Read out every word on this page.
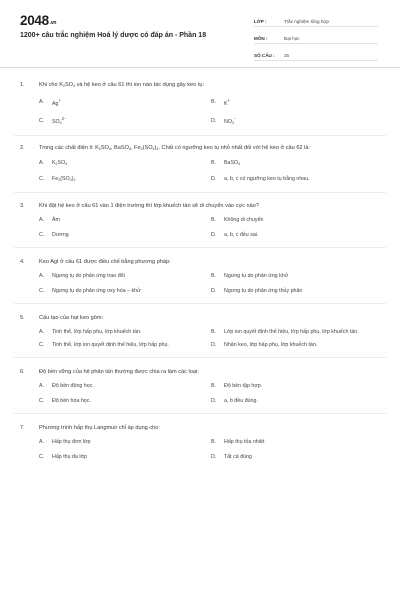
2048.vn
1200+ câu trắc nghiệm Hoá lý dược có đáp án - Phần 18
LỚP :	Trắc nghiệm tổng hợp
MÔN :	Đại học
SỐ CÂU :	25
1.	Khi cho $K_2SO_4$ và hệ keo ở câu 61 thì ion nào tác dụng gây keo tụ:
A.	Ag+	B.	K+
C.	$SO_4^{2-}$	D.	$NO_3^-$
2.	Trong các chất điện li: $K_2SO_4$, BaSO$_4$, $Fe_2(SO_4)_3$. Chất có ngưỡng keo tụ nhỏ nhất đối với hệ keo ở câu 62 là:
A.	$K_2SO_4$	B.	BaSO$_4$
C.	$Fe_2(SO_4)_3$	D.	a, b, c có ngưỡng keo tụ bằng nhau.
3.	Khi đặt hệ keo ở câu 61 vào 1 điện trường thì lớp khuếch tán sẽ di chuyển vào cực nào?
A.	Âm	B.	Không di chuyển
C.	Dương	D.	a, b, c đều sai.
4.	Keo AgI ở câu 61 được điều chế bằng phương pháp:
A.	Ngưng tụ do phản ứng trao đổi	B.	Ngưng tụ do phản ứng khử
C.	Ngưng tụ do phản ứng oxy hóa – khử	D.	Ngưng tụ do phản ứng thủy phân
5.	Cấu tạo của hạt keo gồm:
A.	Tinh thể, lớp hấp phụ, lớp khuếch tán.	B.	Lớp ion quyết định thế hiệu, lớp hấp phụ, lớp khuếch tán.
C.	Tinh thể, lớp ion quyết định thế hiệu, lớp hấp phụ.	D.	Nhân keo, lớp hấp phụ, lớp khuếch tán.
6.	Độ bền vững của hệ phân tán thường được chia ra làm các loại:
A.	Độ bền động học.	B.	Độ bền tập hợp.
C.	Độ bền hóa học.	D.	a, b đều đúng.
7.	Phương trình hấp thụ Langmuir chỉ áp dụng cho:
A.	Hấp thụ đơn lớp	B.	Hấp thụ tỏa nhiệt
C.	Hấp thụ đa lớp	D.	Tất cả đúng
